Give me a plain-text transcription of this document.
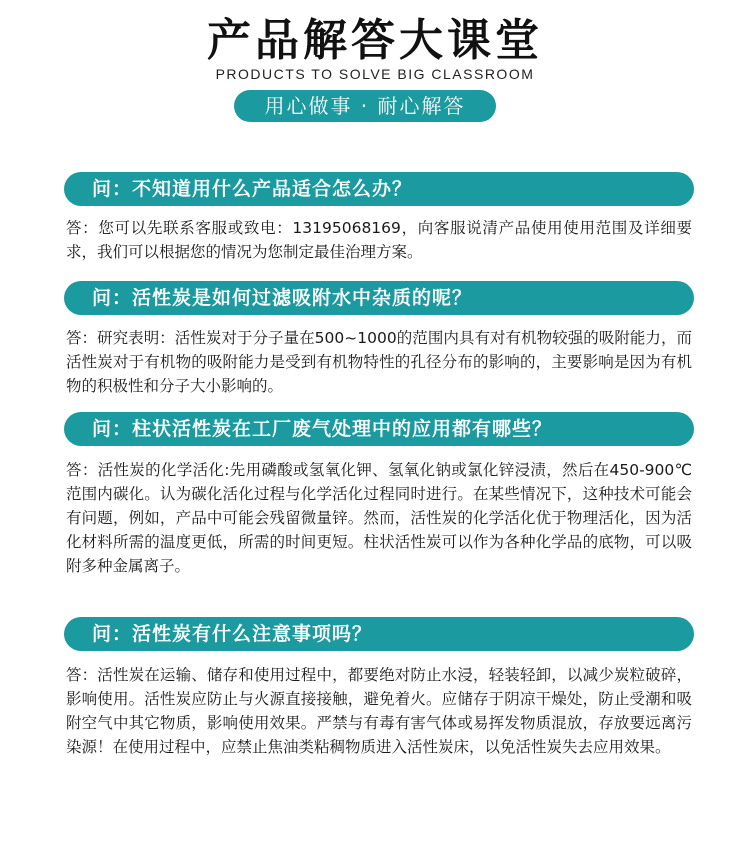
产品解答大课堂
PRODUCTS TO SOLVE BIG CLASSROOM
用心做事 · 耐心解答
问：不知道用什么产品适合怎么办？
答：您可以先联系客服或致电：13195068169，向客服说清产品使用使用范围及详细要求，我们可以根据您的情况为您制定最佳治理方案。
问：活性炭是如何过滤吸附水中杂质的呢？
答：研究表明：活性炭对于分子量在500~1000的范围内具有对有机物较强的吸附能力，而活性炭对于有机物的吸附能力是受到有机物特性的孔径分布的影响的，主要影响是因为有机物的积极性和分子大小影响的。
问：柱状活性炭在工厂废气处理中的应用都有哪些？
答：活性炭的化学活化:先用磷酸或氢氧化钾、氢氧化钠或氯化锌浸渍，然后在450-900℃范围内碳化。认为碳化活化过程与化学活化过程同时进行。在某些情况下，这种技术可能会有问题，例如，产品中可能会残留微量锌。然而，活性炭的化学活化优于物理活化，因为活化材料所需的温度更低，所需的时间更短。柱状活性炭可以作为各种化学品的底物，可以吸附多种金属离子。
问：活性炭有什么注意事项吗？
答：活性炭在运输、储存和使用过程中，都要绝对防止水浸，轻装轻卸，以减少炭粒破碎，影响使用。活性炭应防止与火源直接接触，避免着火。应储存于阴凉干燥处，防止受潮和吸附空气中其它物质，影响使用效果。严禁与有毒有害气体或易挥发物质混放，存放要远离污染源！在使用过程中，应禁止焦油类粘稠物质进入活性炭床，以免活性炭失去应用效果。
